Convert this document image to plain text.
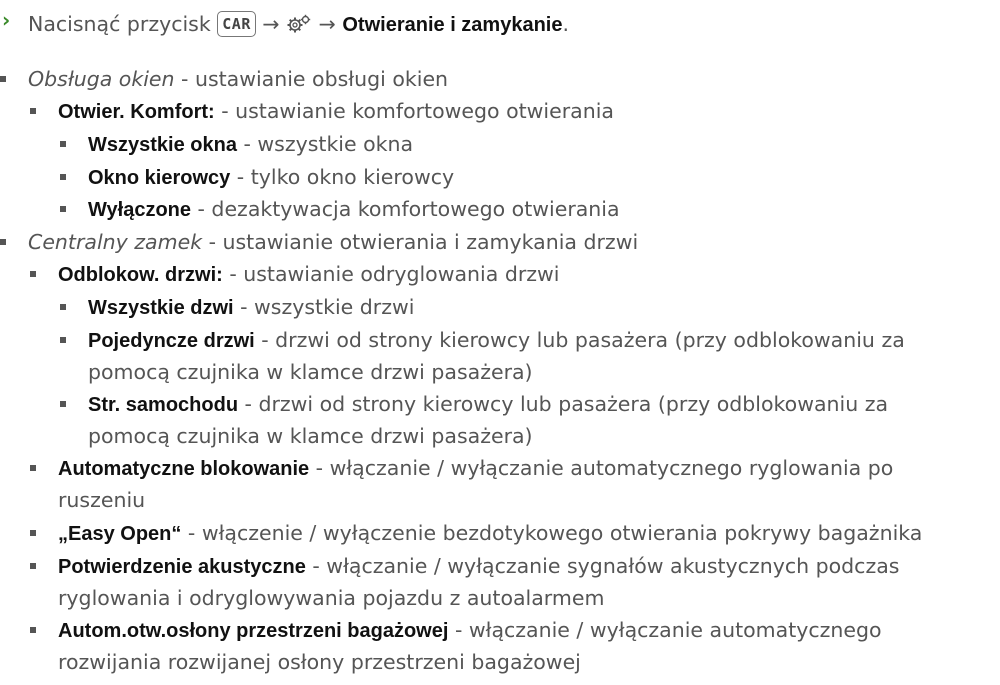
› Nacisnąć przycisk CAR → → Otwieranie i zamykanie.
Obsługa okien - ustawianie obsługi okien
Otwier. Komfort: - ustawianie komfortowego otwierania
Wszystkie okna - wszystkie okna
Okno kierowcy - tylko okno kierowcy
Wyłączone - dezaktywacja komfortowego otwierania
Centralny zamek - ustawianie otwierania i zamykania drzwi
Odblokow. drzwi: - ustawianie odryglowania drzwi
Wszystkie dzwi - wszystkie drzwi
Pojedyncze drzwi - drzwi od strony kierowcy lub pasażera (przy odblokowaniu za
pomocą czujnika w klamce drzwi pasażera)
Str. samochodu - drzwi od strony kierowcy lub pasażera (przy odblokowaniu za
pomocą czujnika w klamce drzwi pasażera)
Automatyczne blokowanie - włączanie / wyłączanie automatycznego ryglowania po
ruszeniu
„Easy Open“ - włączenie / wyłączenie bezdotykowego otwierania pokrywy bagażnika
Potwierdzenie akustyczne - włączanie / wyłączanie sygnałów akustycznych podczas
ryglowania i odryglowywania pojazdu z autoalarmem
Autom.otw.osłony przestrzeni bagażowej - włączanie / wyłączanie automatycznego
rozwijania rozwijanej osłony przestrzeni bagażowej
